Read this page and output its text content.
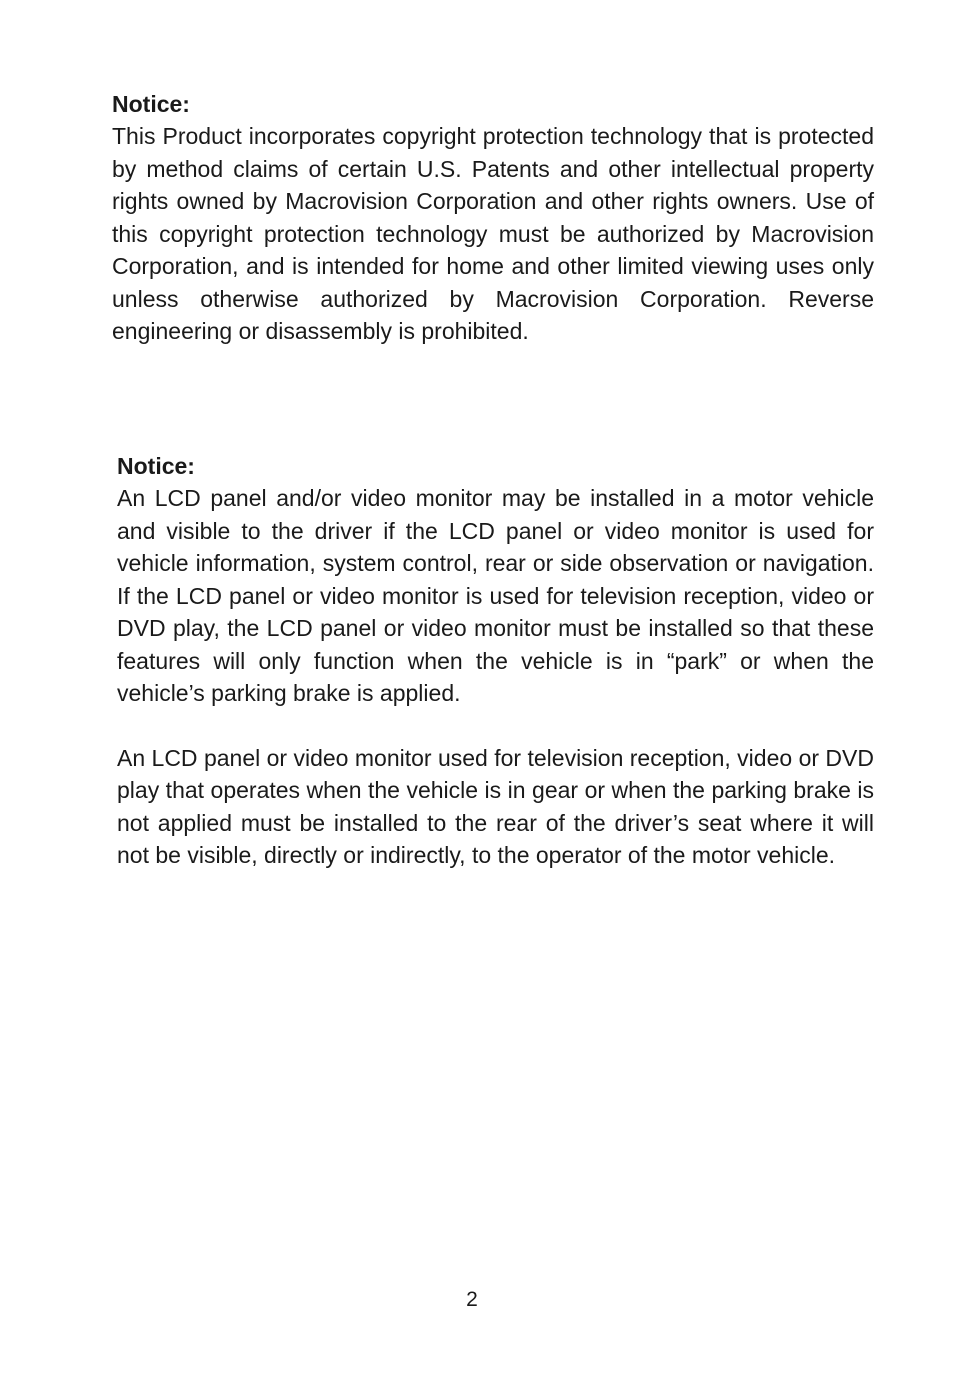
Notice:

This Product incorporates copyright protection technology that is protected by method claims of certain U.S. Patents and other intellectual property rights owned by Macrovision Corporation and other rights owners. Use of this copyright protection technology must be authorized by Macrovision Corporation, and is intended for home and other limited viewing uses only unless otherwise authorized by Macrovision Corporation. Reverse engineering or disassembly is prohibited.

Notice:

An LCD panel and/or video monitor may be installed in a motor vehicle and visible to the driver if the LCD panel or video monitor is used for vehicle information, system control, rear or side observation or navigation. If the LCD panel or video monitor is used for television reception, video or DVD play, the LCD panel or video monitor must be installed so that these features will only function when the vehicle is in “park” or when the vehicle’s parking brake is applied.

An LCD panel or video monitor used for television reception, video or DVD play that operates when the vehicle is in gear or when the parking brake is not applied must be installed to the rear of the driver’s seat where it will not be visible, directly or indirectly, to the operator of the motor vehicle.

2
